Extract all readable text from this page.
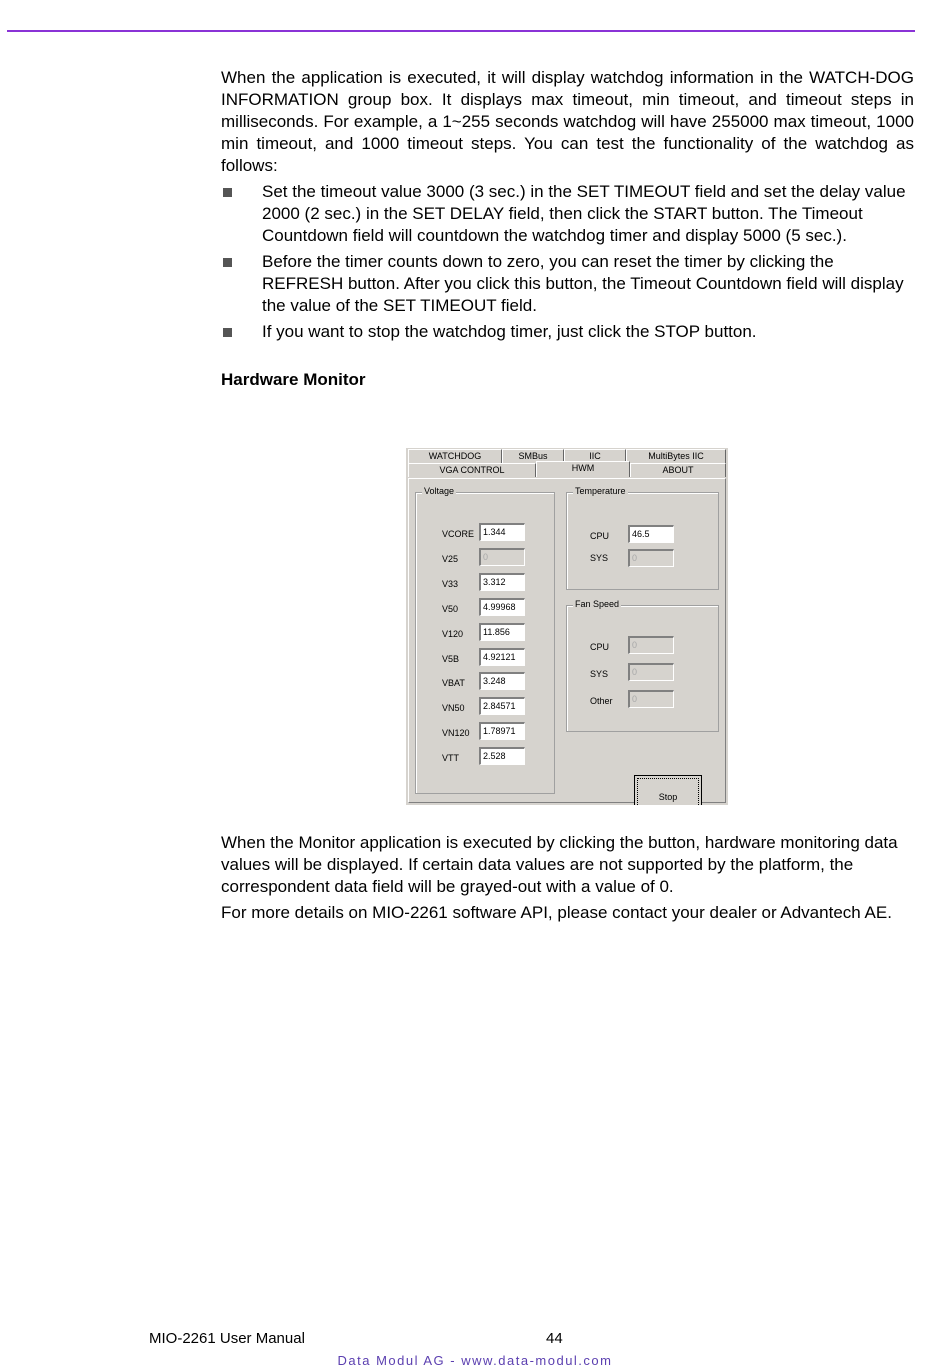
When the application is executed, it will display watchdog information in the WATCH-DOG INFORMATION group box. It displays max timeout, min timeout, and timeout steps in milliseconds. For example, a 1~255 seconds watchdog will have 255000 max timeout, 1000 min timeout, and 1000 timeout steps. You can test the functionality of the watchdog as follows:

Set the timeout value 3000 (3 sec.) in the SET TIMEOUT field and set the delay value 2000 (2 sec.) in the SET DELAY field, then click the START button. The Timeout Countdown field will countdown the watchdog timer and display 5000 (5 sec.).
Before the timer counts down to zero, you can reset the timer by clicking the REFRESH button. After you click this button, the Timeout Countdown field will display the value of the SET TIMEOUT field.
If you want to stop the watchdog timer, just click the STOP button.

Hardware Monitor

WATCHDOG	SMBus	IIC	MultiBytes IIC
VGA CONTROL	HWM	ABOUT
Voltage
VCORE 1.344
V25	0
V33	3.312
V50	4.99968
V120	11.856
V5B	4.92121
VBAT	3.248
VN50	2.84571
VN120	1.78971
VTT	2.528
Temperature
CPU	46.5
SYS	0
Fan Speed
CPU	0
SYS	0
Other	0
Stop

When the Monitor application is executed by clicking the button, hardware monitoring data values will be displayed. If certain data values are not supported by the platform, the correspondent data field will be grayed-out with a value of 0.

For more details on MIO-2261 software API, please contact your dealer or Advantech AE.

MIO-2261 User Manual	44
Data Modul AG - www.data-modul.com
